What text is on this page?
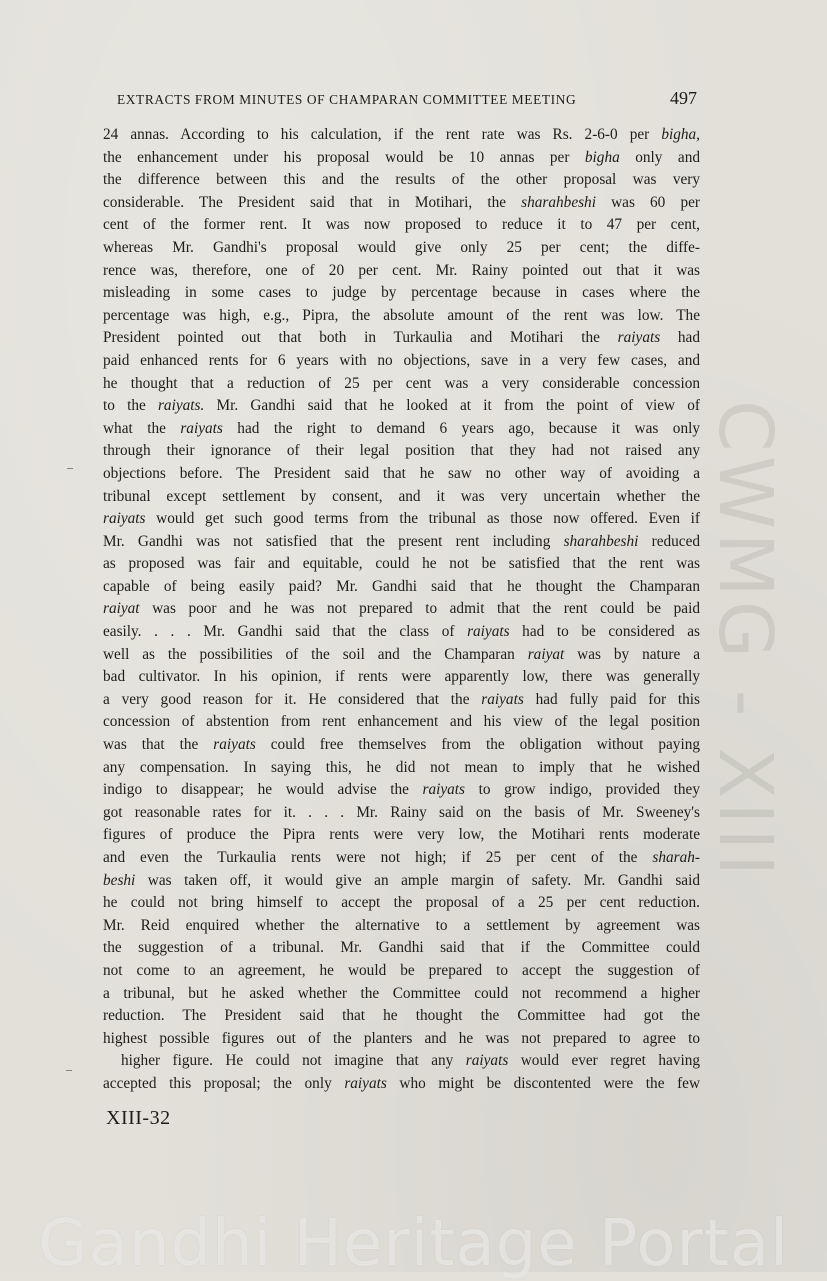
EXTRACTS FROM MINUTES OF CHAMPARAN COMMITTEE MEETING	497
24 annas. According to his calculation, if the rent rate was Rs. 2-6-0 per bigha,
the enhancement under his proposal would be 10 annas per bigha only and
the difference between this and the results of the other proposal was very
considerable. The President said that in Motihari, the sharahbeshi was 60 per
cent of the former rent. It was now proposed to reduce it to 47 per cent,
whereas Mr. Gandhi's proposal would give only 25 per cent; the diffe-
rence was, therefore, one of 20 per cent. Mr. Rainy pointed out that it was
misleading in some cases to judge by percentage because in cases where the
percentage was high, e.g., Pipra, the absolute amount of the rent was low. The
President pointed out that both in Turkaulia and Motihari the raiyats had
paid enhanced rents for 6 years with no objections, save in a very few cases, and
he thought that a reduction of 25 per cent was a very considerable concession
to the raiyats. Mr. Gandhi said that he looked at it from the point of view of
what the raiyats had the right to demand 6 years ago, because it was only
through their ignorance of their legal position that they had not raised any
objections before. The President said that he saw no other way of avoiding a
tribunal except settlement by consent, and it was very uncertain whether the
raiyats would get such good terms from the tribunal as those now offered. Even if
Mr. Gandhi was not satisfied that the present rent including sharahbeshi reduced
as proposed was fair and equitable, could he not be satisfied that the rent was
capable of being easily paid? Mr. Gandhi said that he thought the Champaran
raiyat was poor and he was not prepared to admit that the rent could be paid
easily. . . . Mr. Gandhi said that the class of raiyats had to be considered as
well as the possibilities of the soil and the Champaran raiyat was by nature a
bad cultivator. In his opinion, if rents were apparently low, there was generally
a very good reason for it. He considered that the raiyats had fully paid for this
concession of abstention from rent enhancement and his view of the legal position
was that the raiyats could free themselves from the obligation without paying
any compensation. In saying this, he did not mean to imply that he wished
indigo to disappear; he would advise the raiyats to grow indigo, provided they
got reasonable rates for it. . . . Mr. Rainy said on the basis of Mr. Sweeney's
figures of produce the Pipra rents were very low, the Motihari rents moderate
and even the Turkaulia rents were not high; if 25 per cent of the sharah-
beshi was taken off, it would give an ample margin of safety. Mr. Gandhi said
he could not bring himself to accept the proposal of a 25 per cent reduction.
Mr. Reid enquired whether the alternative to a settlement by agreement was
the suggestion of a tribunal. Mr. Gandhi said that if the Committee could
not come to an agreement, he would be prepared to accept the suggestion of
a tribunal, but he asked whether the Committee could not recommend a higher
reduction. The President said that he thought the Committee had got the
highest possible figures out of the planters and he was not prepared to agree to
higher figure. He could not imagine that any raiyats would ever regret having
accepted this proposal; the only raiyats who might be discontented were the few
XIII-32
CWMG - XIII
Gandhi Heritage Portal
